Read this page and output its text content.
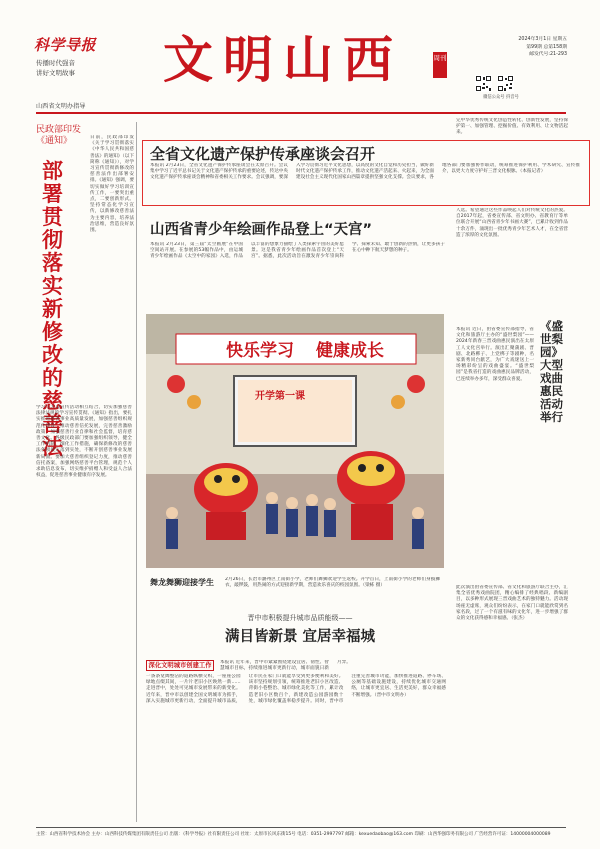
科学导报
传播时代强音
讲好文明故事
山西省文明办指导
文明山西	周刊
2024年3月1日 星期五
第99期 总第158期
邮发代号:21-293
微信公众号 抖音号
民政部印发
《通知》
部署贯彻落实新修改的慈善法
日前，民政部印发《关于学习贯彻落实《中华人民共和国慈善法》的通知》（以下简称《通知》），对学习宣传贯彻新修改的慈善法作出部署安排。《通知》强调，要切实做好学习培训宣传工作，一要突出重点，二要创新形式。坚持常态化学习宣传，以新修改慈善法为主要内容，培养法治思维，营造良好氛围。
学习与大众宣传活动相互结合，切实加强慈善法律法规的学习宣传贯彻。《通知》指出，要扎实推进慈善事业高质量发展，加强慈善组织规范化建设，推动慈善信托发展，完善慈善激励政策，加强慈善行业自律和社会监督，培育慈善文化。各级民政部门要加强组织领导，健全工作机制，细化工作措施，确保新修改的慈善法各项规定落到实处，不断开创慈善事业发展新局面。要加大慈善组织登记力度，推动慈善信托备案，加强网络慈善平台管理，规范个人求助信息发布，切实维护捐赠人和受益人合法权益，促进慈善事业健康有序发展。
全省文化遗产保护传承座谈会召开
本报讯 2月23日，全省文化遗产保护传承座谈会在太原召开。会议集中学习了近平总书记关于文化遗产保护传承的重要论述，传达中央文化遗产保护传承座谈会精神和省委相关工作要求。会议强调，要深入学习贯彻习近平文化思想，以高度的文化自觉和历史担当，做好新时代文化遗产保护传承工作，推动文化遗产活起来、火起来，为全面建设社会主义现代化国家山西篇章提供坚强文化支撑。会议要求，各地各部门要加强协作联动，统筹推进保护利用、学术研究、宣传推介，以更大力度守护好三晋文化根脉。（本报记者）
完中华优秀传统文化创造性转化、创新性发展，坚持保护第一、加强管理、挖掘价值、有效利用、让文物活起来。
山西省青少年绘画作品登上“天宫”
本报讯 2月23日，第三届“太空画展”在中国空间站开展。在参展的53幅作品中，由运城青少年绘画作品《太空中的家园》入选，作品以丰富的想象力描绘了人类探索宇宙的美好愿景。这是我省青少年绘画作品首次登上“天宫”。据悉，此次活动旨在激发青少年崇尚科学、探索未知、敢于创新的热情，让更多孩子在心中种下航天梦想的种子。
人选。希望通过这些作品唤起人们对传统文化的热爱。自2017年起，省委宣传部、省文明办、省教育厅等单位联合开展“山西省青少年书画大赛”，已累计收到作品十余万件，涌现出一批优秀青少年艺术人才，在全省营造了浓厚的文化氛围。
快乐学习 健康成长
开学第一课
舞龙舞狮迎接学生	2月26日，长治市潞州区上南街小学，老师们舞狮欢迎学生返校。开学首日，上南街小学的老师们身披狮衣，敲锣鼓，用热闹的方式迎接新学期，营造欢乐喜庆的校园氛围。（梁栋 摄）
本报讯 近日，由省委宣传部指导，省文化和旅游厅主办的“盛世梨园”——2024年新春三晋戏曲惠民演出在太原工人文化宫举行。演出汇聚蒲剧、晋剧、北路梆子、上党梆子等剧种，名家新秀同台献艺，为广大戏迷送上一场精彩纷呈的戏曲盛宴。“盛世梨园”是我省打造的戏曲惠民品牌活动，已连续举办多年，深受群众喜爱。
《盛世梨园》大型戏曲惠民活动举行
此次演出由省委宣传部、省文化和旅游厅联合主办，汇集全省优秀戏曲院团，精心编排了经典唱段、新编剧目，以多种形式展现三晋戏曲艺术的独特魅力。活动现场座无虚席，观众们纷纷表示，在家门口就能欣赏到名家名段，过了一个有滋有味的文化年，进一步增强了群众的文化获得感和幸福感。（张杰）
晋中市积极提升城市品质能级——
满目皆新景 宜居幸福城
深化文明城市创建工作	本报讯 近年来，晋中市紧紧围绕建设宜居、韧性、智慧城市目标，持续推进城市更新行动，城市面貌日新月异。
一条条宽阔整洁的道路纵横交织，一座座公园绿地点缀其间，一片片老旧小区焕然一新……走进晋中，处处可见城市发展带来的新变化。近年来，晋中市以创建全国文明城市为抓手，深入实施城市更新行动，全面提升城市品质，让市民在家门口就能享受到更多便利和美好。该市坚持规划引领，统筹推进老旧小区改造、背街小巷整治、城市绿化美化等工作，累计改造老旧小区数百个，新建改造公园游园数十处，城市绿化覆盖率稳步提升。同时，晋中市注重完善城市功能，加快推进道路、停车场、公厕等基础设施建设，持续优化城市交通网络，让城市更宜居、生活更美好，群众幸福感不断增强。（晋中市文明办）
主管：山西省科学技术协会 主办：山西科技传媒集团有限责任公司 出版：《科学导报》社有限责任公司 社址：太原市长风东街15号 电话：0351-2997797 邮箱：kexuedaobao@163.com 印刷：山西华强印务有限公司 广告经营许可证：14000004000089
